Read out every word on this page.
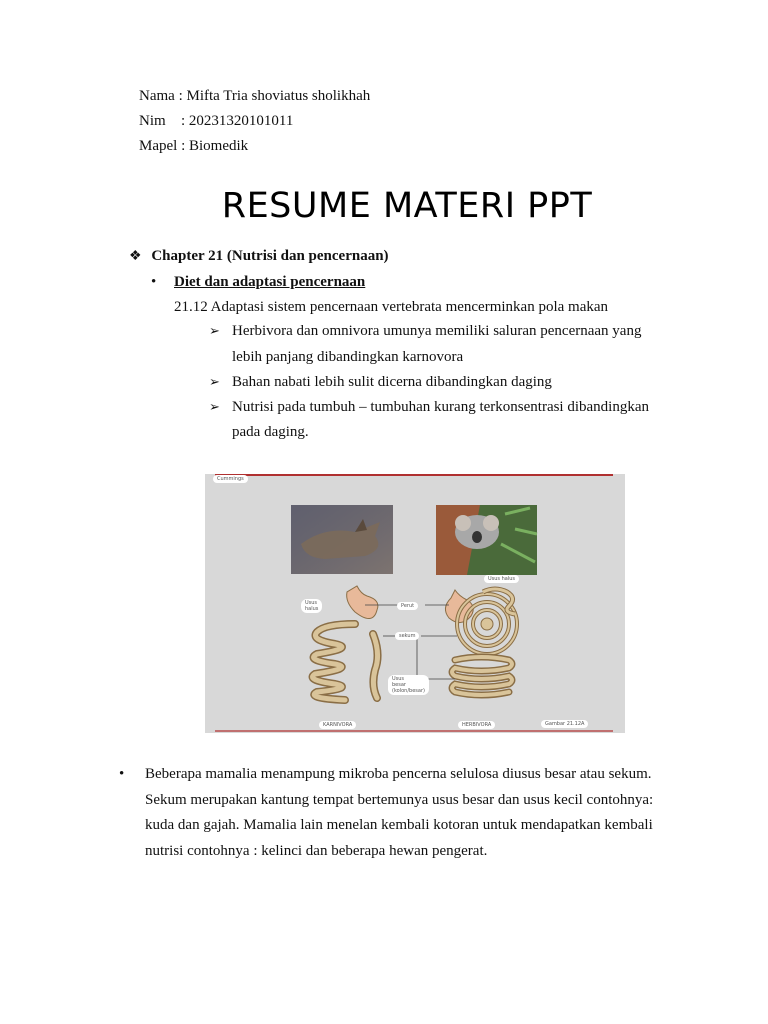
Nama : Mifta Tria shoviatus sholikhah
Nim : 20231320101011
Mapel : Biomedik
RESUME MATERI PPT
❖ Chapter 21 (Nutrisi dan pencernaan)
• Diet dan adaptasi pencernaan
21.12 Adaptasi sistem pencernaan vertebrata mencerminkan pola makan
➢ Herbivora dan omnivora umunya memiliki saluran pencernaan yang
lebih panjang dibandingkan karnovora
➢ Bahan nabati lebih sulit dicerna dibandingkan daging
➢ Nutrisi pada tumbuh – tumbuhan kurang terkonsentrasi dibandingkan
pada daging.
Cummings
Usus
halus	Perut
sekum
Usus
besar
(kolon/besar)
Usus halus
KARNIVORA	HERBIVORA	Gambar 21.12A
• Beberapa mamalia menampung mikroba pencerna selulosa diusus besar atau sekum.
Sekum merupakan kantung tempat bertemunya usus besar dan usus kecil contohnya:
kuda dan gajah. Mamalia lain menelan kembali kotoran untuk mendapatkan kembali
nutrisi contohnya : kelinci dan beberapa hewan pengerat.
